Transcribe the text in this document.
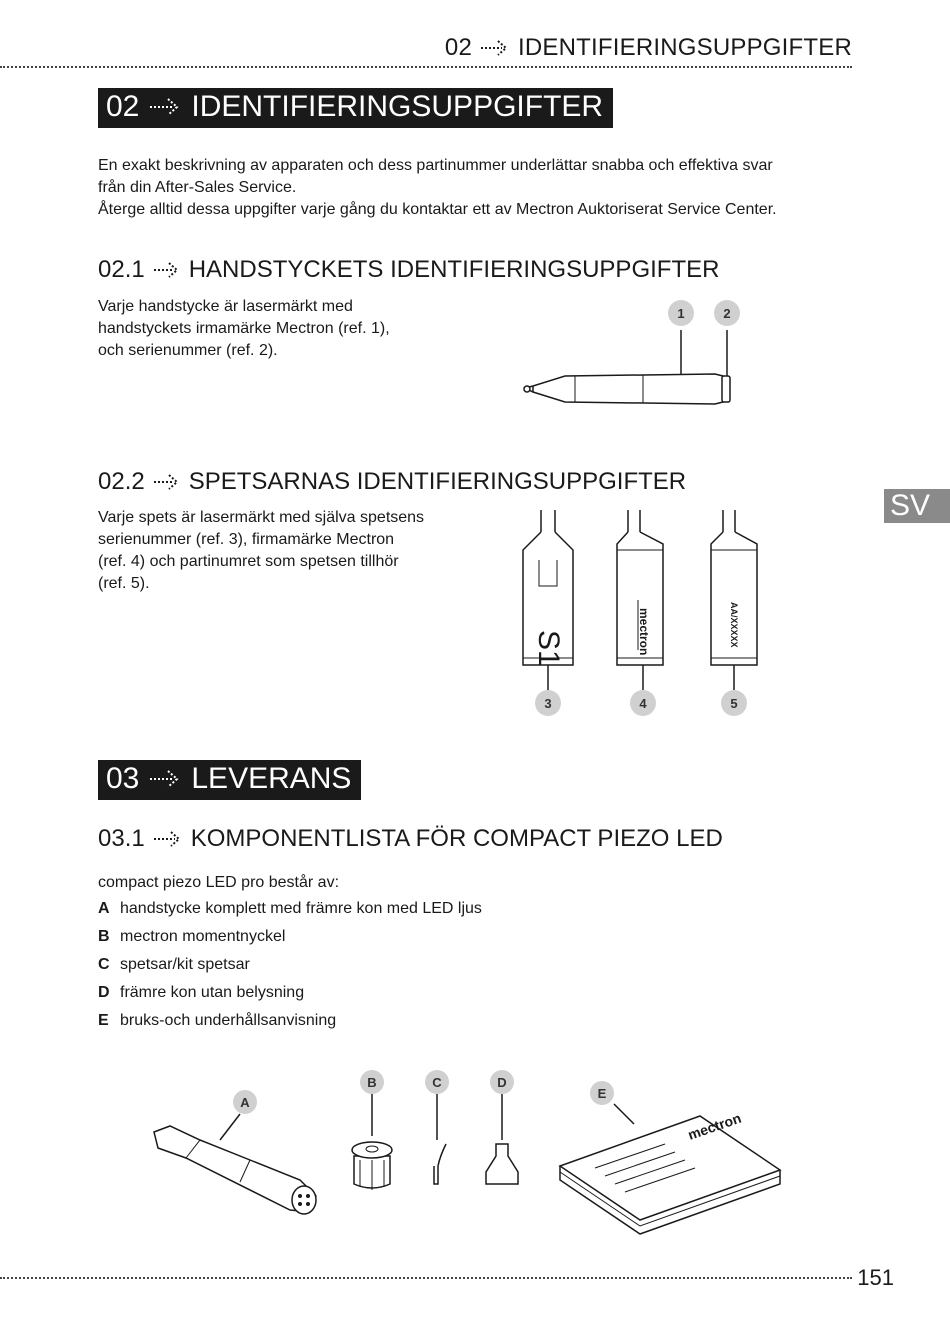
02 IDENTIFIERINGSUPPGIFTER
02 IDENTIFIERINGSUPPGIFTER

En exakt beskrivning av apparaten och dess partinummer underlättar snabba och effektiva svar

från din After-Sales Service.

Återge alltid dessa uppgifter varje gång du kontaktar ett av Mectron Auktoriserat Service Center.

02.1 HANDSTYCKETS IDENTIFIERINGSUPPGIFTER

Varje handstycke är lasermärkt med

handstyckets irmamärke Mectron (ref. 1),

och serienummer (ref. 2).

1	2
02.2 SPETSARNAS IDENTIFIERINGSUPPGIFTER

Varje spets är lasermärkt med själva spetsens

serienummer (ref. 3), firmamärke Mectron

(ref. 4) och partinumret som spetsen tillhör

(ref. 5).

S1	mectron	AA/XXXXX
3	4	5
SV
03 LEVERANS
03.1 KOMPONENTLISTA FÖR COMPACT PIEZO LED
compact piezo LED pro består av:
A handstycke komplett med främre kon med LED ljus
B mectron momentnyckel
C spetsar/kit spetsar
D främre kon utan belysning
E bruks-och underhållsanvisning
mectron
A
B	C	D
E
151
